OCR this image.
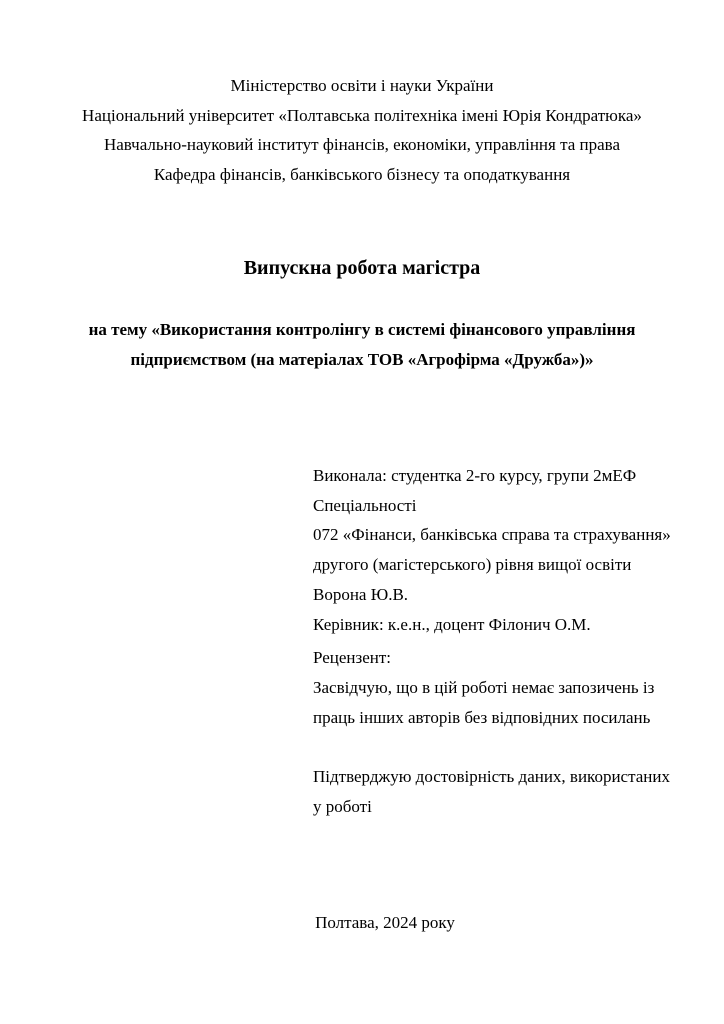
Міністерство освіти і науки України
Національний університет «Полтавська політехніка імені Юрія Кондратюка»
Навчально-науковий інститут фінансів, економіки, управління та права
Кафедра фінансів, банківського бізнесу та оподаткування
Випускна робота магістра
на тему «Використання контролінгу в системі фінансового управління
підприємством (на матеріалах ТОВ «Агрофірма «Дружба»)»
Виконала: студентка 2-го курсу, групи 2мЕФ
Спеціальності
072 «Фінанси, банківська справа та страхування»
другого (магістерського) рівня вищої освіти
Ворона Ю.В.
Керівник: к.е.н., доцент Філонич О.М.
Рецензент:
Засвідчую, що в цій роботі немає запозичень із
праць інших авторів без відповідних посилань
Підтверджую достовірність даних, використаних
у роботі
Полтава, 2024 року
